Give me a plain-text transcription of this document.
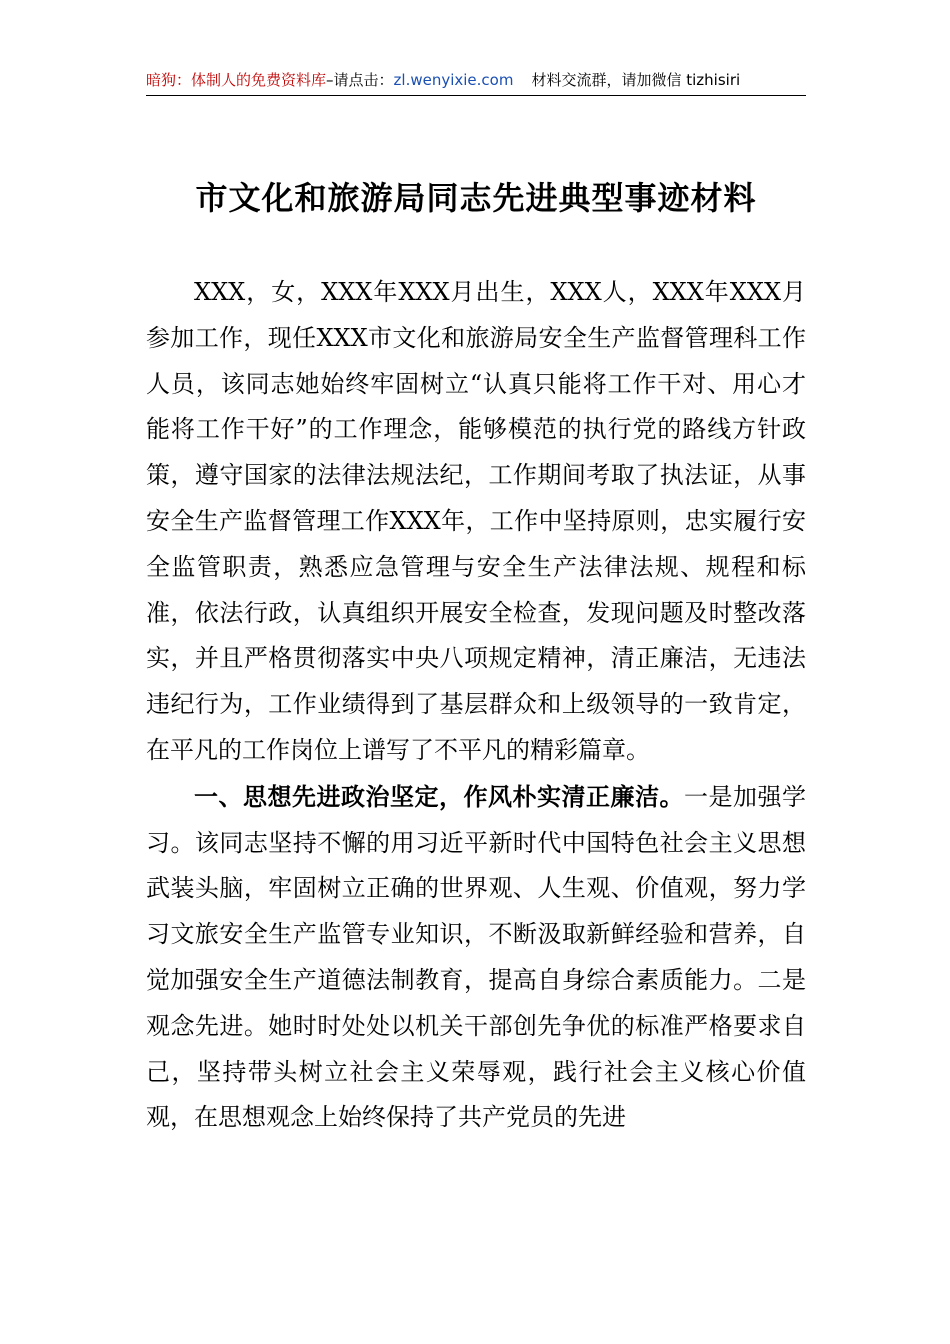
暗狗：体制人的免费资料库–请点击：zl.wenyixie.com 材料交流群，请加微信 tizhisiri
市文化和旅游局同志先进典型事迹材料

XXX，女，XXX年XXX月出生，XXX人，XXX年XXX月参加工作，现任XXX市文化和旅游局安全生产监督管理科工作人员，该同志她始终牢固树立“认真只能将工作干对、用心才能将工作干好”的工作理念，能够模范的执行党的路线方针政策，遵守国家的法律法规法纪，工作期间考取了执法证，从事安全生产监督管理工作XXX年，工作中坚持原则，忠实履行安全监管职责，熟悉应急管理与安全生产法律法规、规程和标准，依法行政，认真组织开展安全检查，发现问题及时整改落实，并且严格贯彻落实中央八项规定精神，清正廉洁，无违法违纪行为，工作业绩得到了基层群众和上级领导的一致肯定，在平凡的工作岗位上谱写了不平凡的精彩篇章。

一、思想先进政治坚定，作风朴实清正廉洁。一是加强学习。该同志坚持不懈的用习近平新时代中国特色社会主义思想武装头脑，牢固树立正确的世界观、人生观、价值观，努力学习文旅安全生产监管专业知识，不断汲取新鲜经验和营养，自觉加强安全生产道德法制教育，提高自身综合素质能力。二是观念先进。她时时处处以机关干部创先争优的标准严格要求自己，坚持带头树立社会主义荣辱观，践行社会主义核心价值观，在思想观念上始终保持了共产党员的先进
